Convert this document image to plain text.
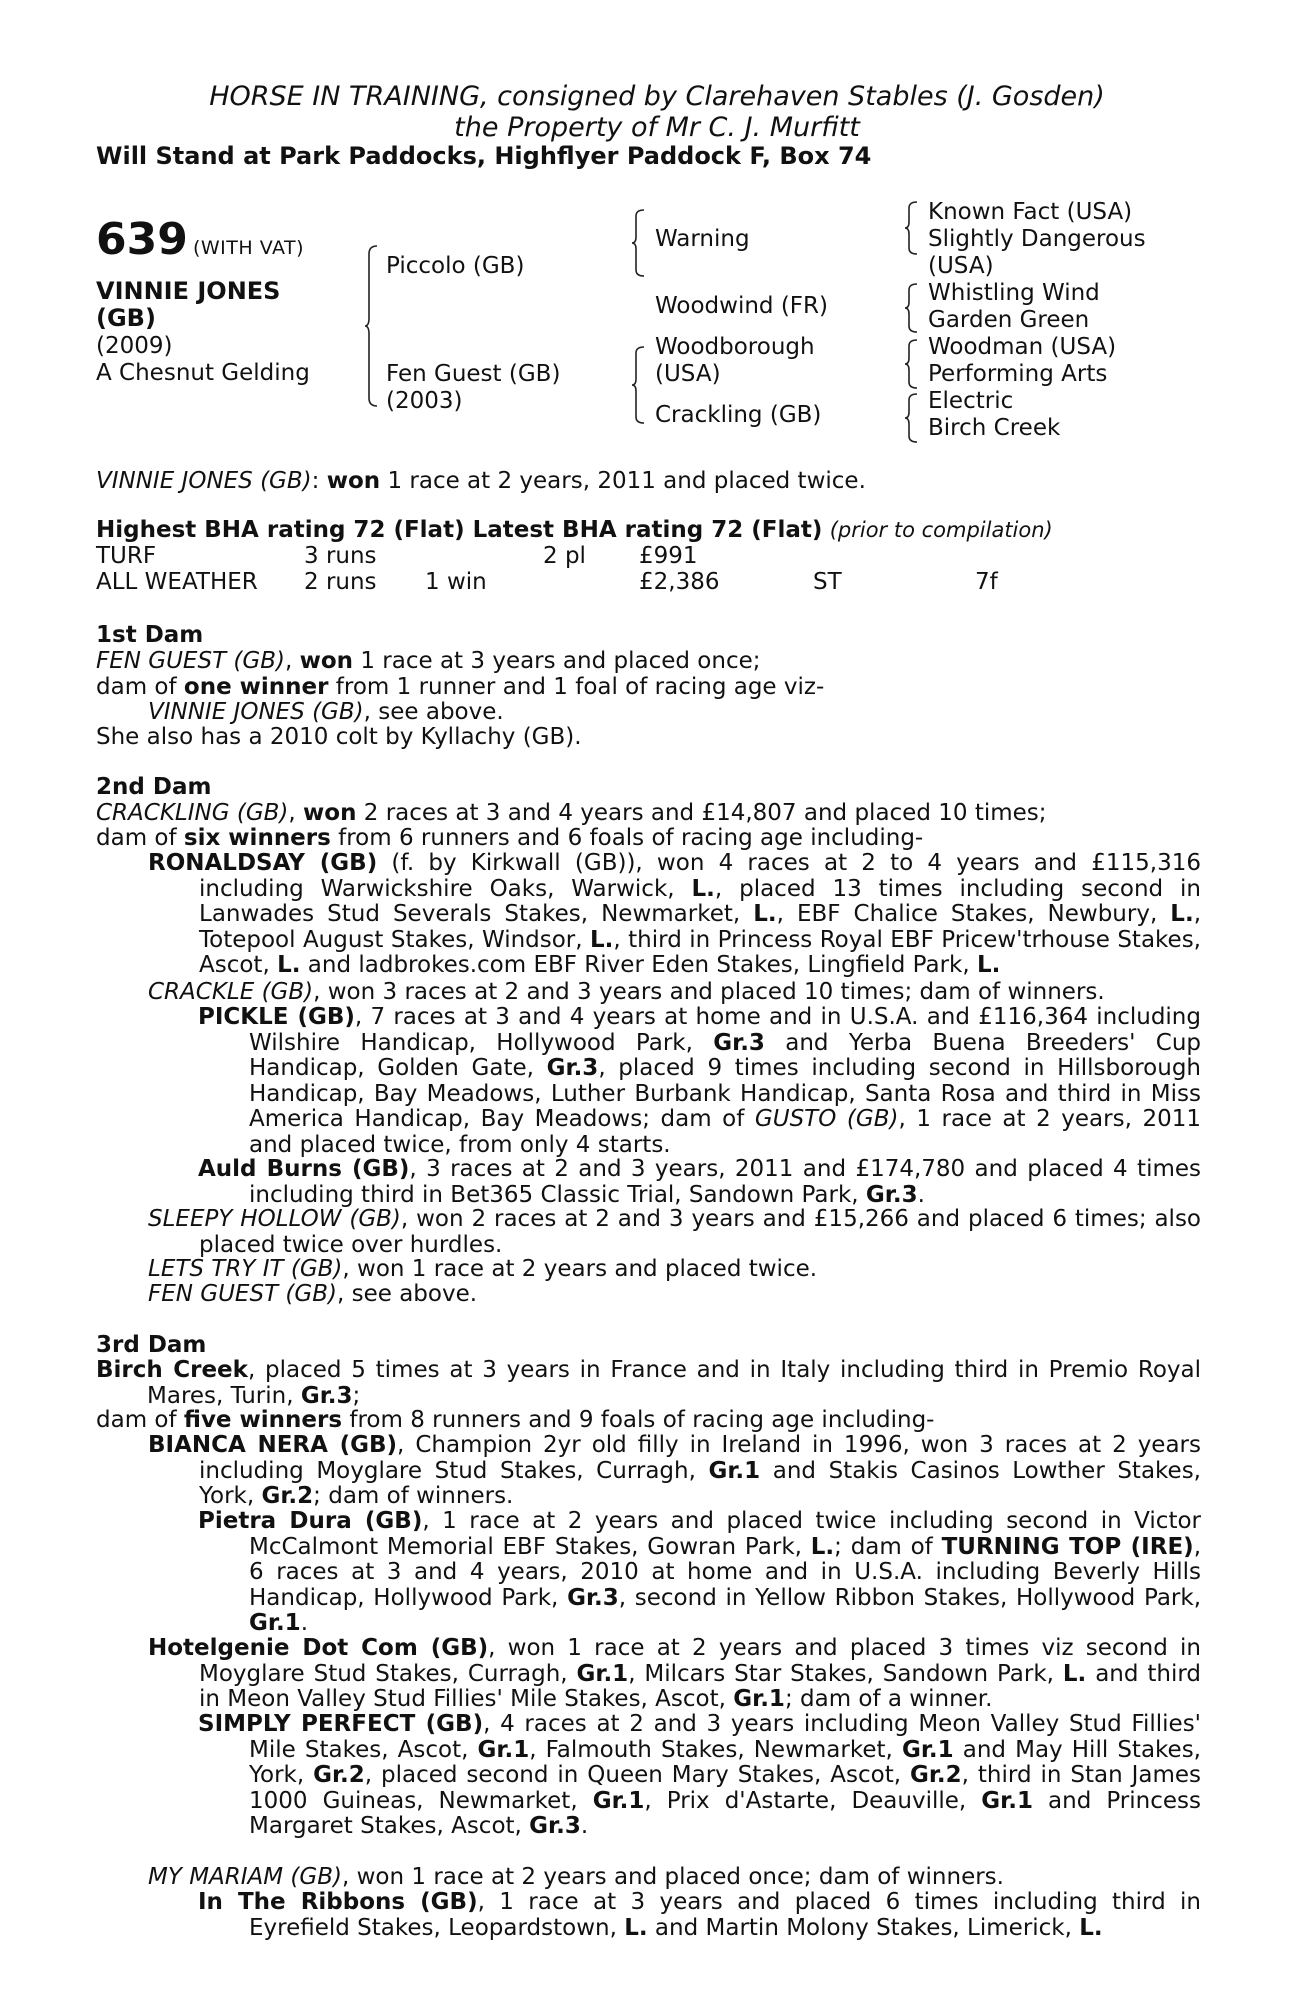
HORSE IN TRAINING, consigned by Clarehaven Stables (J. Gosden)
the Property of Mr C. J. Murfitt
Will Stand at Park Paddocks, Highflyer Paddock F, Box 74
639 (WITH VAT)
VINNIE JONES
(GB)
(2009)
A Chesnut Gelding
Piccolo (GB)
Fen Guest (GB)
(2003)
Warning
Woodwind (FR)
Woodborough
(USA)
Crackling (GB)
Known Fact (USA)
Slightly Dangerous
(USA)
Whistling Wind
Garden Green
Woodman (USA)
Performing Arts
Electric
Birch Creek
VINNIE JONES (GB): won 1 race at 2 years, 2011 and placed twice.
Highest BHA rating 72 (Flat) Latest BHA rating 72 (Flat) (prior to compilation)
TURF	3 runs	2 pl £991
ALL WEATHER 2 runs 1 win	£2,386	ST	7f
1st Dam
FEN GUEST (GB), won 1 race at 3 years and placed once;
dam of one winner from 1 runner and 1 foal of racing age viz-
VINNIE JONES (GB), see above.
She also has a 2010 colt by Kyllachy (GB).
2nd Dam
CRACKLING (GB), won 2 races at 3 and 4 years and £14,807 and placed 10 times;
dam of six winners from 6 runners and 6 foals of racing age including-
RONALDSAY (GB) (f. by Kirkwall (GB)), won 4 races at 2 to 4 years and £115,316 including Warwickshire Oaks, Warwick, L., placed 13 times including second in Lanwades Stud Severals Stakes, Newmarket, L., EBF Chalice Stakes, Newbury, L., Totepool August Stakes, Windsor, L., third in Princess Royal EBF Pricew'trhouse Stakes, Ascot, L. and ladbrokes.com EBF River Eden Stakes, Lingfield Park, L.
CRACKLE (GB), won 3 races at 2 and 3 years and placed 10 times; dam of winners.
PICKLE (GB), 7 races at 3 and 4 years at home and in U.S.A. and £116,364 including Wilshire Handicap, Hollywood Park, Gr.3 and Yerba Buena Breeders' Cup Handicap, Golden Gate, Gr.3, placed 9 times including second in Hillsborough Handicap, Bay Meadows, Luther Burbank Handicap, Santa Rosa and third in Miss America Handicap, Bay Meadows; dam of GUSTO (GB), 1 race at 2 years, 2011 and placed twice, from only 4 starts.
Auld Burns (GB), 3 races at 2 and 3 years, 2011 and £174,780 and placed 4 times including third in Bet365 Classic Trial, Sandown Park, Gr.3.
SLEEPY HOLLOW (GB), won 2 races at 2 and 3 years and £15,266 and placed 6 times; also placed twice over hurdles.
LETS TRY IT (GB), won 1 race at 2 years and placed twice.
FEN GUEST (GB), see above.
3rd Dam
Birch Creek, placed 5 times at 3 years in France and in Italy including third in Premio Royal Mares, Turin, Gr.3;
dam of five winners from 8 runners and 9 foals of racing age including-
BIANCA NERA (GB), Champion 2yr old filly in Ireland in 1996, won 3 races at 2 years including Moyglare Stud Stakes, Curragh, Gr.1 and Stakis Casinos Lowther Stakes, York, Gr.2; dam of winners.
Pietra Dura (GB), 1 race at 2 years and placed twice including second in Victor McCalmont Memorial EBF Stakes, Gowran Park, L.; dam of TURNING TOP (IRE), 6 races at 3 and 4 years, 2010 at home and in U.S.A. including Beverly Hills Handicap, Hollywood Park, Gr.3, second in Yellow Ribbon Stakes, Hollywood Park, Gr.1.
Hotelgenie Dot Com (GB), won 1 race at 2 years and placed 3 times viz second in Moyglare Stud Stakes, Curragh, Gr.1, Milcars Star Stakes, Sandown Park, L. and third in Meon Valley Stud Fillies' Mile Stakes, Ascot, Gr.1; dam of a winner.
SIMPLY PERFECT (GB), 4 races at 2 and 3 years including Meon Valley Stud Fillies' Mile Stakes, Ascot, Gr.1, Falmouth Stakes, Newmarket, Gr.1 and May Hill Stakes, York, Gr.2, placed second in Queen Mary Stakes, Ascot, Gr.2, third in Stan James 1000 Guineas, Newmarket, Gr.1, Prix d'Astarte, Deauville, Gr.1 and Princess Margaret Stakes, Ascot, Gr.3.
MY MARIAM (GB), won 1 race at 2 years and placed once; dam of winners.
In The Ribbons (GB), 1 race at 3 years and placed 6 times including third in Eyrefield Stakes, Leopardstown, L. and Martin Molony Stakes, Limerick, L.
